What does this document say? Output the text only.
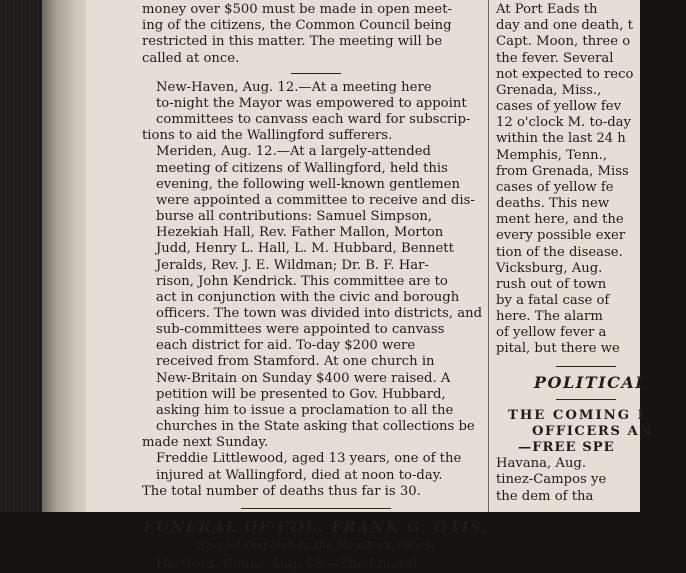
money over $500 must be made in open meet-
ing of the citizens, the Common Council being
restricted in this matter. The meeting will be
called at once.
New-Haven, Aug. 12.—At a meeting here
to-night the Mayor was empowered to appoint
committees to canvass each ward for subscrip-
tions to aid the Wallingford sufferers.
Meriden, Aug. 12.—At a largely-attended
meeting of citizens of Wallingford, held this
evening, the following well-known gentlemen
were appointed a committee to receive and dis-
burse all contributions: Samuel Simpson,
Hezekiah Hall, Rev. Father Mallon, Morton
Judd, Henry L. Hall, L. M. Hubbard, Bennett
Jeralds, Rev. J. E. Wildman; Dr. B. F. Har-
rison, John Kendrick. This committee are to
act in conjunction with the civic and borough
officers. The town was divided into districts, and
sub-committees were appointed to canvass
each district for aid. To-day $200 were
received from Stamford. At one church in
New-Britain on Sunday $400 were raised. A
petition will be presented to Gov. Hubbard,
asking him to issue a proclamation to all the
churches in the State asking that collections be
made next Sunday.
Freddie Littlewood, aged 13 years, one of the
injured at Wallingford, died at noon to-day.
The total number of deaths thus far is 30.
FUNERAL OF COL. FRANK G. OTIS.
Special Dispatch to the New-York Times.
Hartford, Conn., Aug. 12.—The funeral
At Port Eads th
day and one death, t
Capt. Moon, three o
the fever. Several
not expected to reco
Grenada, Miss.,
cases of yellow fev
12 o'clock M. to-day
within the last 24 h
Memphis, Tenn.,
from Grenada, Miss
cases of yellow fe
deaths. This new
ment here, and the
every possible exer
tion of the disease.
Vicksburg, Aug.
rush out of town
by a fatal case of
here. The alarm
of yellow fever a
pital, but there we
POLITICAL
THE COMING E
OFFICERS AN
—FREE SPE
Havana, Aug.
tinez-Campos ye
the dem of tha
